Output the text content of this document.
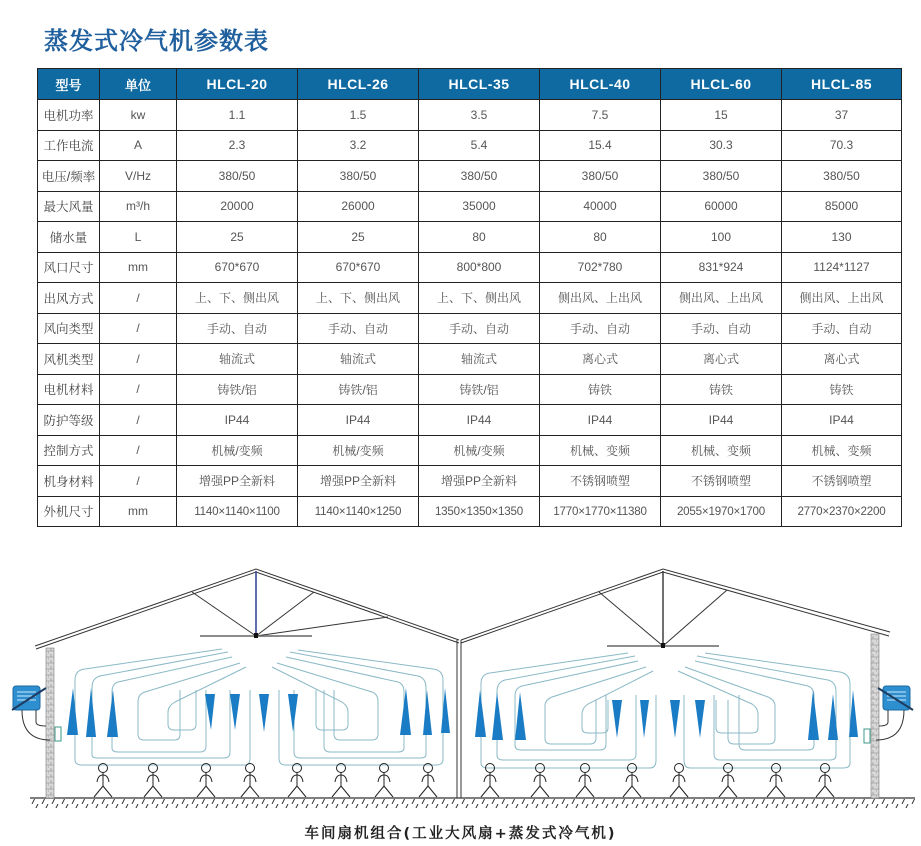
蒸发式冷气机参数表
型号	单位	HLCL-20	HLCL-26	HLCL-35	HLCL-40	HLCL-60	HLCL-85
电机功率	kw	1.1	1.5	3.5	7.5	15	37
工作电流	A	2.3	3.2	5.4	15.4	30.3	70.3
电压/频率	V/Hz	380/50	380/50	380/50	380/50	380/50	380/50
最大风量	m³/h	20000	26000	35000	40000	60000	85000
储水量	L	25	25	80	80	100	130
风口尺寸	mm	670*670	670*670	800*800	702*780	831*924	1124*1127
出风方式	/	上、下、侧出风	上、下、侧出风	上、下、侧出风	侧出风、上出风	侧出风、上出风	侧出风、上出风
风向类型	/	手动、自动	手动、自动	手动、自动	手动、自动	手动、自动	手动、自动
风机类型	/	轴流式	轴流式	轴流式	离心式	离心式	离心式
电机材料	/	铸铁/铝	铸铁/铝	铸铁/铝	铸铁	铸铁	铸铁
防护等级	/	IP44	IP44	IP44	IP44	IP44	IP44
控制方式	/	机械/变频	机械/变频	机械/变频	机械、变频	机械、变频	机械、变频
机身材料	/	增强PP全新料	增强PP全新料	增强PP全新料	不锈钢喷塑	不锈钢喷塑	不锈钢喷塑
外机尺寸	mm	1140×1140×1100	1140×1140×1250	1350×1350×1350	1770×1770×11380	2055×1970×1700	2770×2370×2200
车间扇机组合(工业大风扇+蒸发式冷气机)
